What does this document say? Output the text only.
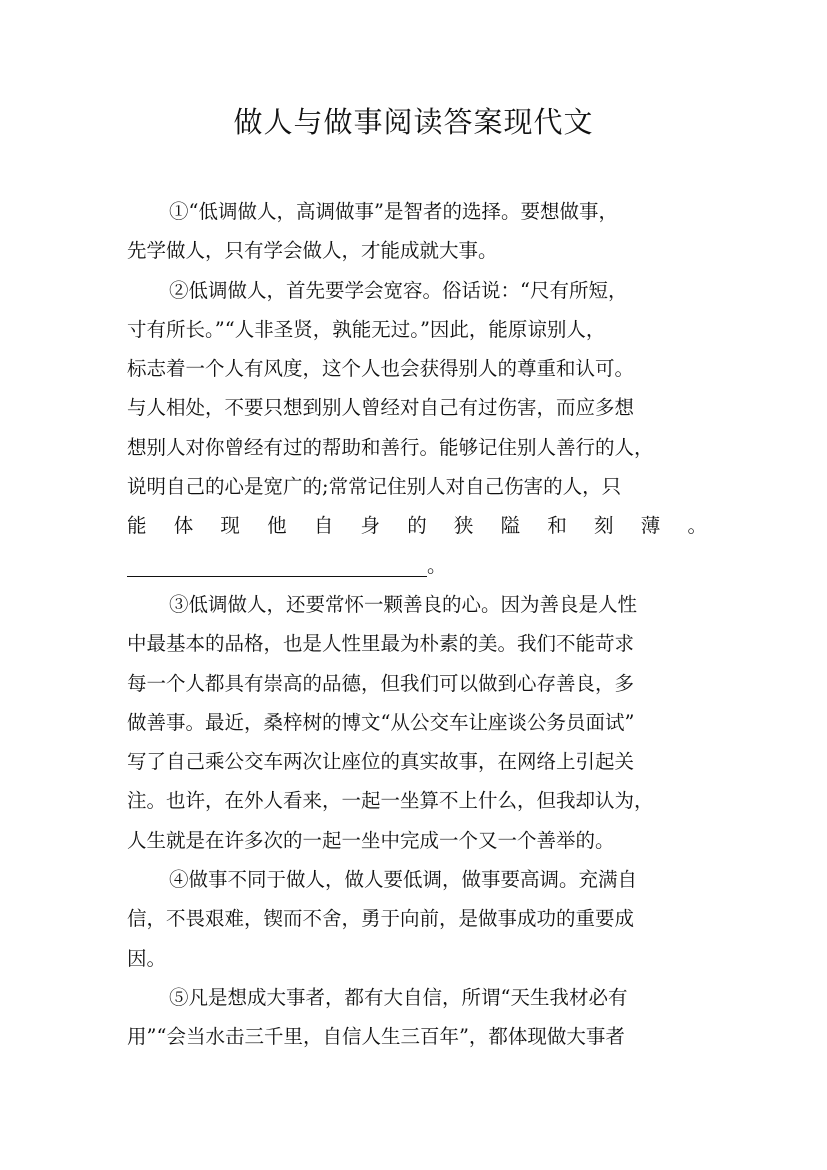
做人与做事阅读答案现代文
①“低调做人，高调做事”是智者的选择。要想做事，
先学做人，只有学会做人，才能成就大事。
②低调做人，首先要学会宽容。俗话说：“尺有所短，
寸有所长。”“人非圣贤，孰能无过。”因此，能原谅别人，
标志着一个人有风度，这个人也会获得别人的尊重和认可。
与人相处，不要只想到别人曾经对自己有过伤害，而应多想
想别人对你曾经有过的帮助和善行。能够记住别人善行的人，
说明自己的心是宽广的;常常记住别人对自己伤害的人，只
能 体 现 他 自 身 的 狭 隘 和 刻 薄 。
。
③低调做人，还要常怀一颗善良的心。因为善良是人性
中最基本的品格，也是人性里最为朴素的美。我们不能苛求
每一个人都具有崇高的品德，但我们可以做到心存善良，多
做善事。最近，桑梓树的博文“从公交车让座谈公务员面试”
写了自己乘公交车两次让座位的真实故事，在网络上引起关
注。也许，在外人看来，一起一坐算不上什么，但我却认为，
人生就是在许多次的一起一坐中完成一个又一个善举的。
④做事不同于做人，做人要低调，做事要高调。充满自
信，不畏艰难，锲而不舍，勇于向前，是做事成功的重要成
因。
⑤凡是想成大事者，都有大自信，所谓“天生我材必有
用”“会当水击三千里，自信人生三百年”，都体现做大事者
